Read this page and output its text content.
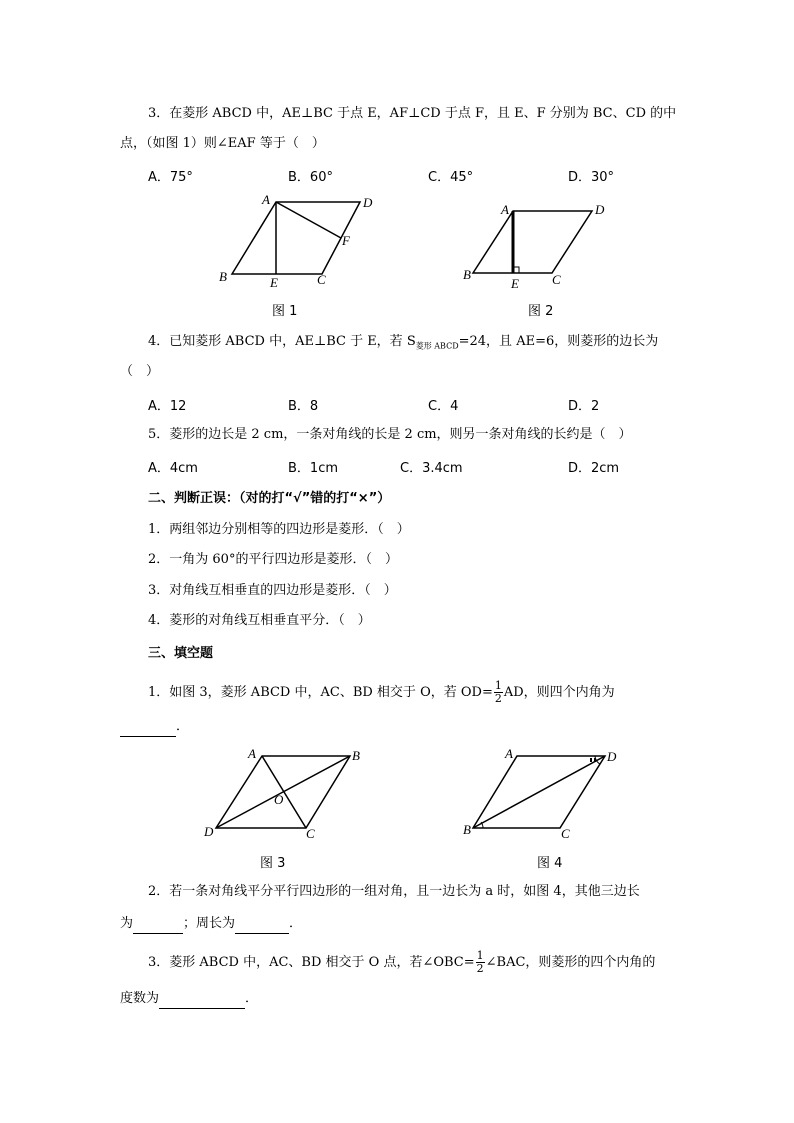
3．在菱形 ABCD 中，AE⊥BC 于点 E，AF⊥CD 于点 F，且 E、F 分别为 BC、CD 的中
点，（如图 1）则∠EAF 等于（　）
A．75°	B．60°	C．45°	D．30°
A	D
F
B	E	C
图 1
A	D
B
E	C
图 2
4．已知菱形 ABCD 中，AE⊥BC 于 E，若 $S_{菱形 ABCD}=24$，且 AE=6，则菱形的边长为
（　）
A．12	B．8	C．4	D．2
5．菱形的边长是 2 cm，一条对角线的长是 2 cm，则另一条对角线的长约是（　）
A．4cm	B．1cm	C．3.4cm	D．2cm
二、判断正误：（对的打“√”错的打“×”）
1．两组邻边分别相等的四边形是菱形．（　）
2．一角为 60°的平行四边形是菱形．（　）
3．对角线互相垂直的四边形是菱形．（　）
4．菱形的对角线互相垂直平分．（　）
三、填空题
1．如图 3，菱形 ABCD 中，AC、BD 相交于 O，若 $OD= \frac{1}{2}$ AD，则四个内角为
．
A	B
O
D	C
图 3
A	D
B	C
图 4
2．若一条对角线平分平行四边形的一组对角，且一边长为 a 时，如图 4，其他三边长
为	；周长为	．
3．菱形 ABCD 中，AC、BD 相交于 O 点，若∠OBC= $\frac{1}{2}$ ∠BAC，则菱形的四个内角的
度数为	．
